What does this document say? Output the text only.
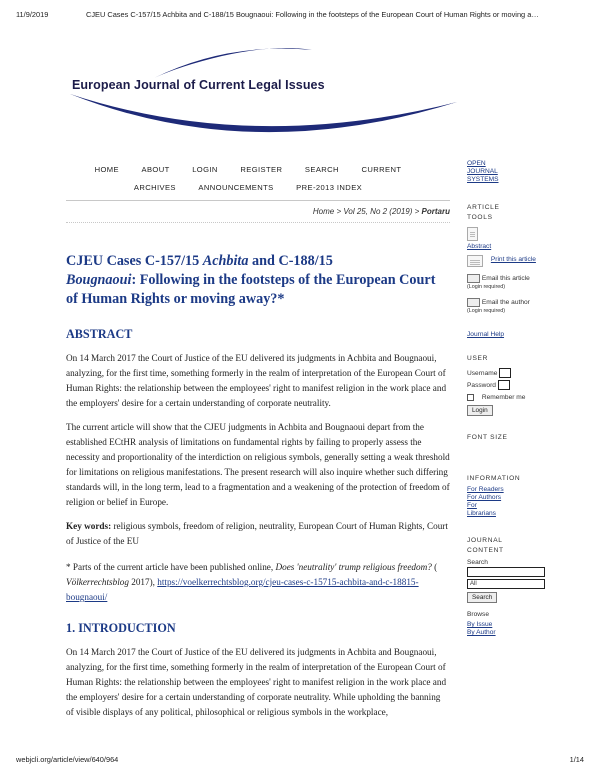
11/9/2019	CJEU Cases C-157/15 Achbita and C-188/15 Bougnaoui: Following in the footsteps of the European Court of Human Rights or moving a…
European Journal of Current Legal Issues
HOME	ABOUT	LOGIN	REGISTER	SEARCH	CURRENT
ARCHIVES	ANNOUNCEMENTS	PRE-2013 INDEX
Home > Vol 25, No 2 (2019) > Portaru
CJEU Cases C-157/15 Achbita and C-188/15
Bougnaoui: Following in the footsteps of the European Court of Human Rights or moving away?*
ABSTRACT

On 14 March 2017 the Court of Justice of the EU delivered its judgments in Achbita and Bougnaoui, analyzing, for the first time, something formerly in the realm of interpretation of the European Court of Human Rights: the relationship between the employees' right to manifest religion in the work place and the employers' desire for a certain understanding of corporate neutrality.

The current article will show that the CJEU judgments in Achbita and Bougnaoui depart from the established ECtHR analysis of limitations on fundamental rights by failing to properly assess the necessity and proportionality of the interdiction on religious symbols, generally setting a weak threshold for limitations on religious manifestations. The present research will also inquire whether such differing standards will, in the long term, lead to a fragmentation and a weakening of the protection of freedom of religion or belief in Europe.

Key words: religious symbols, freedom of religion, neutrality, European Court of Human Rights, Court of Justice of the EU

* Parts of the current article have been published online, Does 'neutrality' trump religious freedom? ( Völkerrechtsblog 2017), https://voelkerrechtsblog.org/cjeu-cases-c-15715-achbita-and-c-18815-bougnaoui/

1. INTRODUCTION

On 14 March 2017 the Court of Justice of the EU delivered its judgments in Achbita and Bougnaoui, analyzing, for the first time, something formerly in the realm of interpretation of the European Court of Human Rights: the relationship between the employees' right to manifest religion in the work place and the employers' desire for a certain understanding of corporate neutrality. While upholding the banning of visible displays of any political, philosophical or religious symbols in the workplace,

OPEN JOURNAL SYSTEMS
ARTICLE TOOLS
Abstract
Print this article
Email this article
(Login required)
Email the author
(Login required)
Journal Help
USER
Username
Password
Remember me
Login
FONT SIZE
INFORMATION
For Readers
For Authors
For Librarians
JOURNAL CONTENT
Search
All
Search
Browse
By Issue
By Author
webjcli.org/article/view/640/964	1/14
